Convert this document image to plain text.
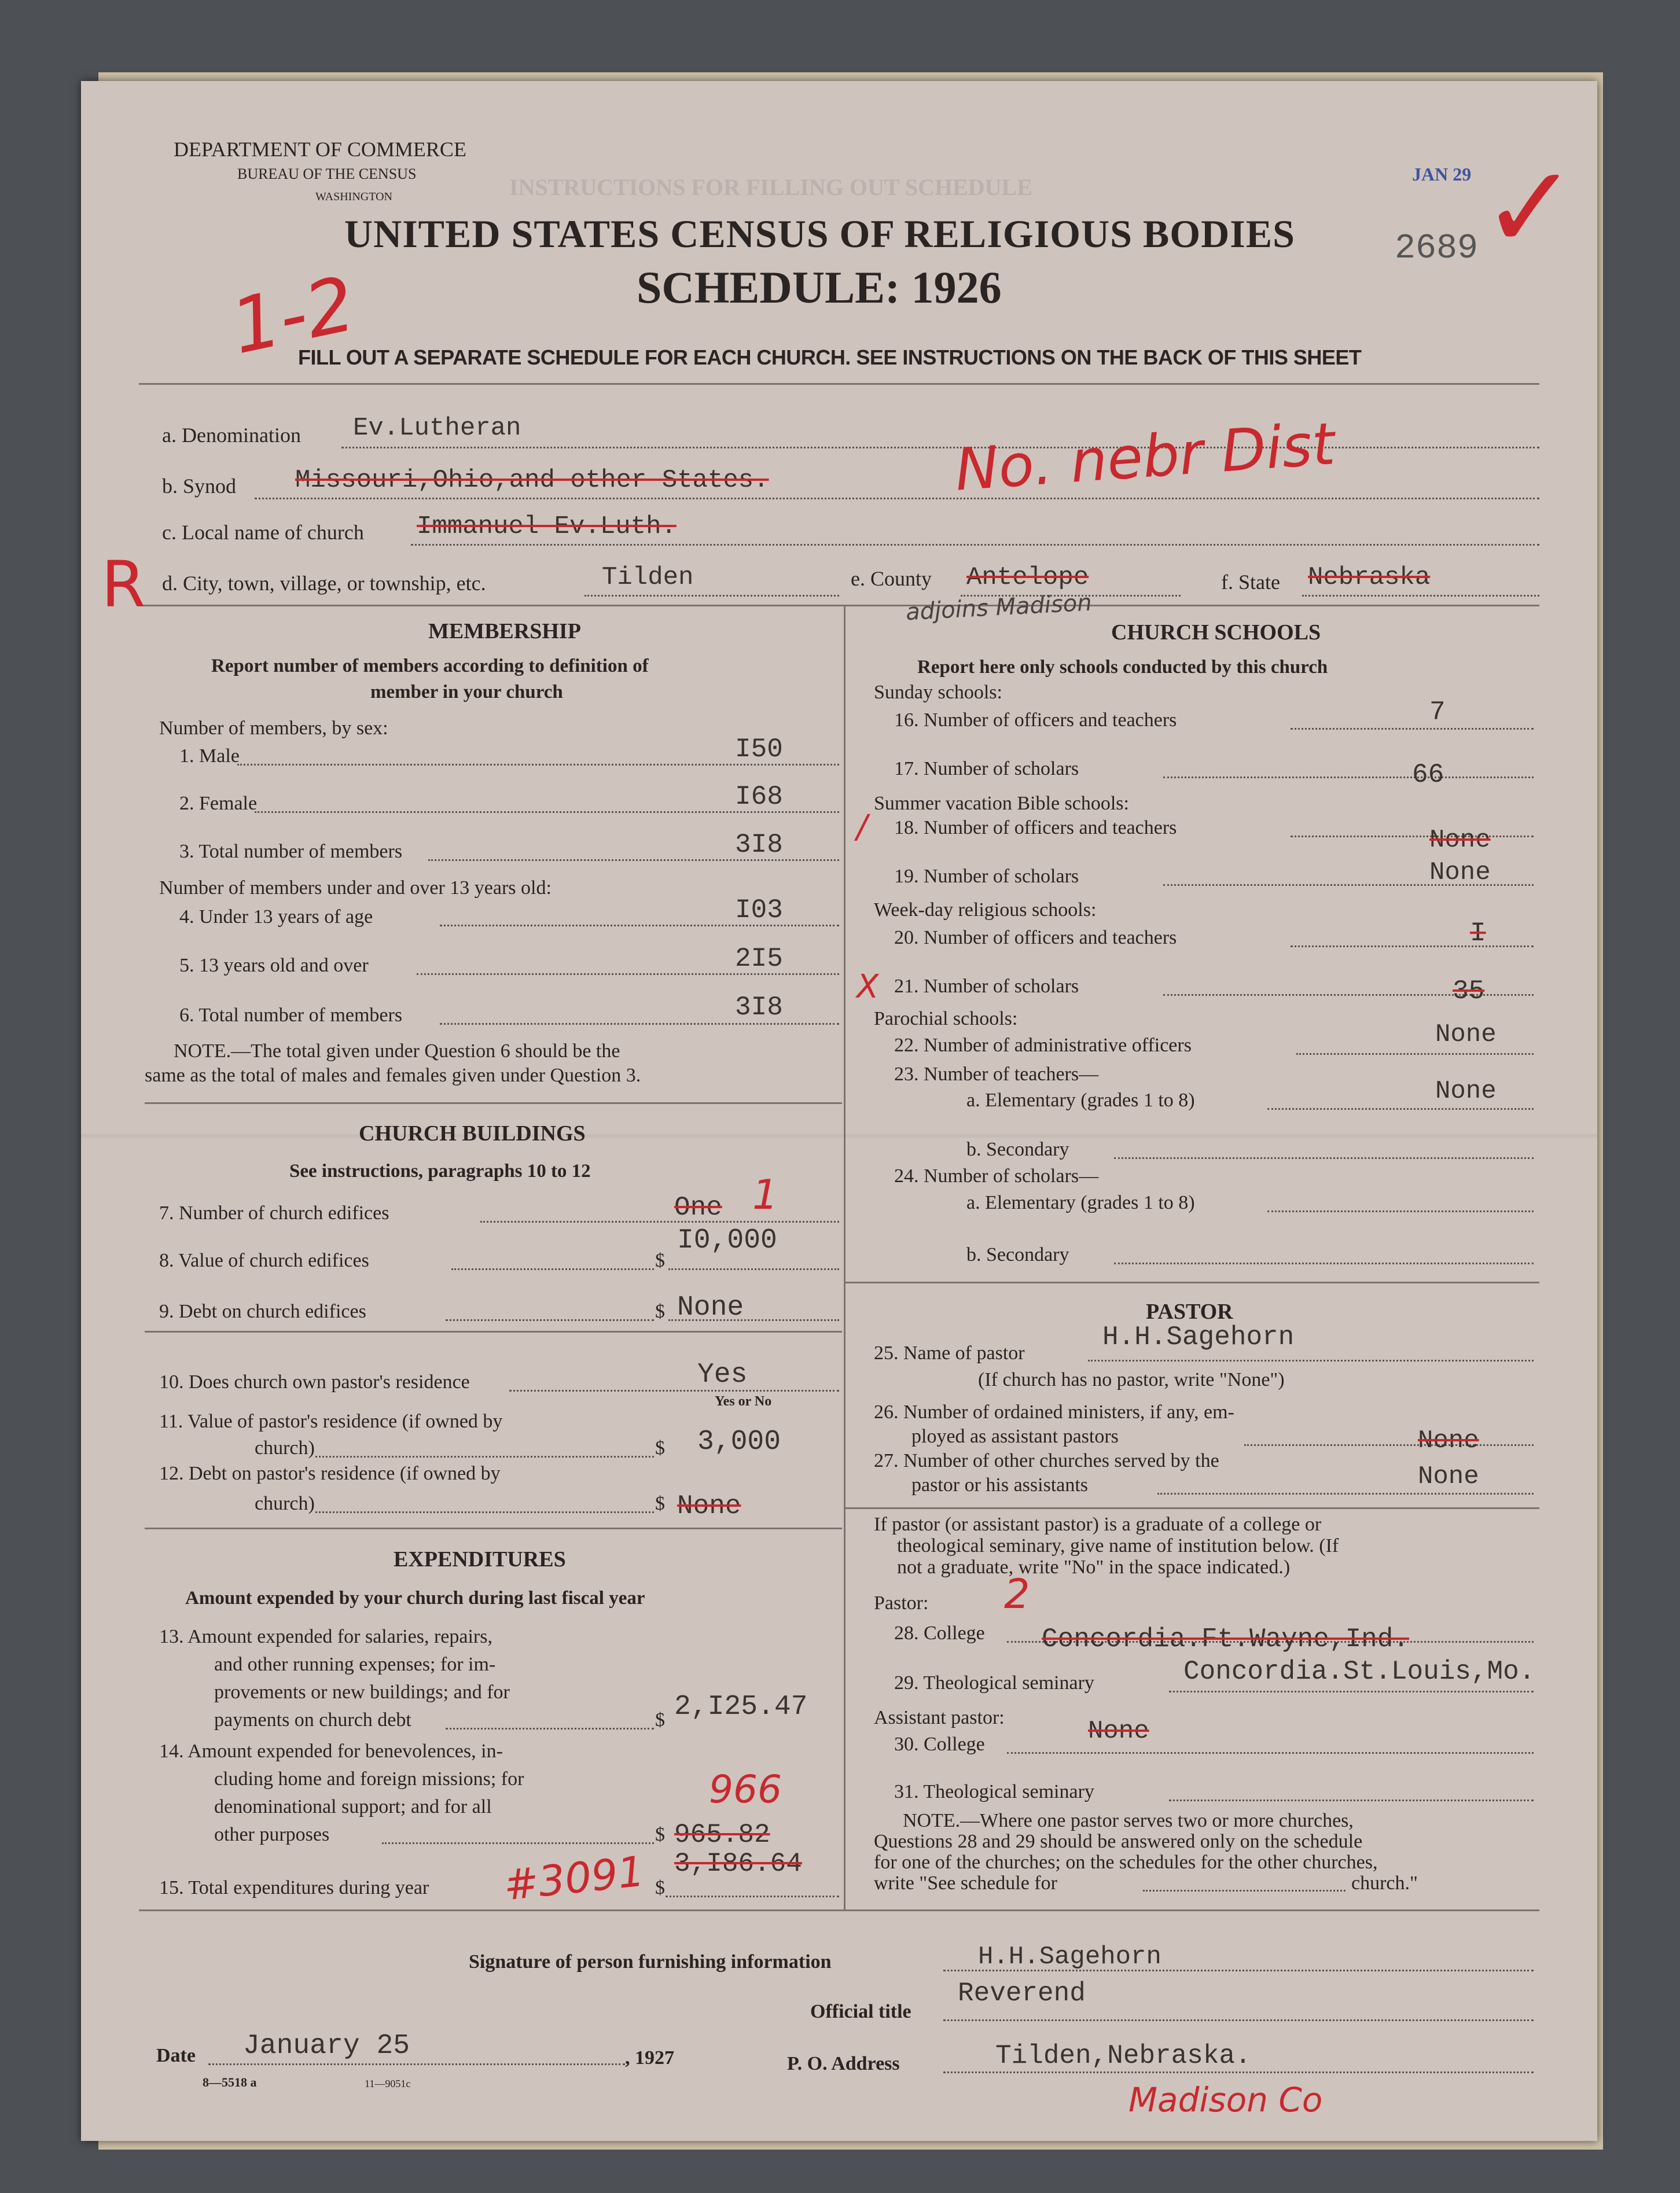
INSTRUCTIONS FOR FILLING OUT SCHEDULE
DEPARTMENT OF COMMERCE
BUREAU OF THE CENSUS
WASHINGTON
UNITED STATES CENSUS OF RELIGIOUS BODIES
SCHEDULE: 1926
FILL OUT A SEPARATE SCHEDULE FOR EACH CHURCH. SEE INSTRUCTIONS ON THE BACK OF THIS SHEET
JAN 29
2689
a. Denomination Ev.Lutheran
b. Synod Missouri,Ohio,and other States.
c. Local name of church Immanuel Ev.Luth.
d. City, town, village, or township, etc.	Tilden	e. County Antelope	f. State Nebraska
MEMBERSHIP
Report number of members according to definition of
member in your church
Number of members, by sex:
1. Male	I50
2. Female	I68
3. Total number of members	3I8
Number of members under and over 13 years old:
4. Under 13 years of age	I03
5. 13 years old and over	2I5
6. Total number of members	3I8
NOTE.—The total given under Question 6 should be the
same as the total of males and females given under Question 3.
CHURCH BUILDINGS
See instructions, paragraphs 10 to 12
7. Number of church edifices	One
8. Value of church edifices	$
I0,000
9. Debt on church edifices	$ None
10. Does church own pastor's residence	Yes
Yes or No
11. Value of pastor's residence (if owned by
church)	$ 3,000
12. Debt on pastor's residence (if owned by
church)	$ None
EXPENDITURES
Amount expended by your church during last fiscal year
13. Amount expended for salaries, repairs,
and other running expenses; for im-
provements or new buildings; and for
payments on church debt	$ 2,I25.47
14. Amount expended for benevolences, in-
cluding home and foreign missions; for
denominational support; and for all
other purposes	$ 965.82
15. Total expenditures during year	$
3,I86.64
CHURCH SCHOOLS
Report here only schools conducted by this church
Sunday schools:
16. Number of officers and teachers	7
17. Number of scholars	66
Summer vacation Bible schools:
18. Number of officers and teachers	None
19. Number of scholars	None
Week-day religious schools:
20. Number of officers and teachers	I
21. Number of scholars	35
Parochial schools:
22. Number of administrative officers	None
23. Number of teachers—
a. Elementary (grades 1 to 8)	None
b. Secondary
24. Number of scholars—
a. Elementary (grades 1 to 8)
b. Secondary
PASTOR
25. Name of pastor
H.H.Sagehorn
(If church has no pastor, write "None")
26. Number of ordained ministers, if any, em-
ployed as assistant pastors	None
27. Number of other churches served by the
pastor or his assistants	None
If pastor (or assistant pastor) is a graduate of a college or
theological seminary, give name of institution below. (If
not a graduate, write "No" in the space indicated.)
Pastor:
28. College Concordia.Ft.Wayne,Ind.
29. Theological seminary	Concordia.St.Louis,Mo.
Assistant pastor:
30. College	None
31. Theological seminary
NOTE.—Where one pastor serves two or more churches,
Questions 28 and 29 should be answered only on the schedule
for one of the churches; on the schedules for the other churches,
write "See schedule for	church."
Signature of person furnishing information	H.H.Sagehorn
Official title
Reverend
Date January 25	, 1927	P. O. Address	Tilden,Nebraska.
8—5518 a	11—9051c
1-2
No. nebr Dist
R	adjoins Madison
1
2
966
#3091
Madison Co
✓
/
X
